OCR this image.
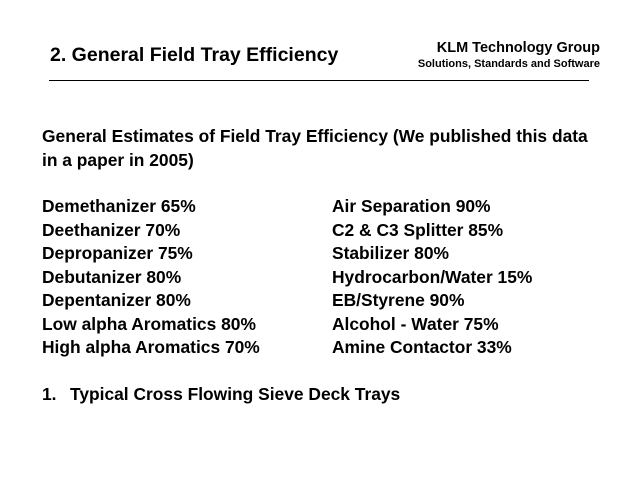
2. General Field Tray Efficiency	KLM Technology Group
Solutions, Standards and Software

General Estimates of Field Tray Efficiency (We published this data in a paper in 2005)

Demethanizer 65%	Air Separation 90%
Deethanizer 70%	C2 & C3 Splitter 85%
Depropanizer 75%	Stabilizer 80%
Debutanizer 80%	Hydrocarbon/Water 15%
Depentanizer 80%	EB/Styrene 90%
Low alpha Aromatics 80%	Alcohol - Water 75%
High alpha Aromatics 70%	Amine Contactor 33%
1. Typical Cross Flowing Sieve Deck Trays
